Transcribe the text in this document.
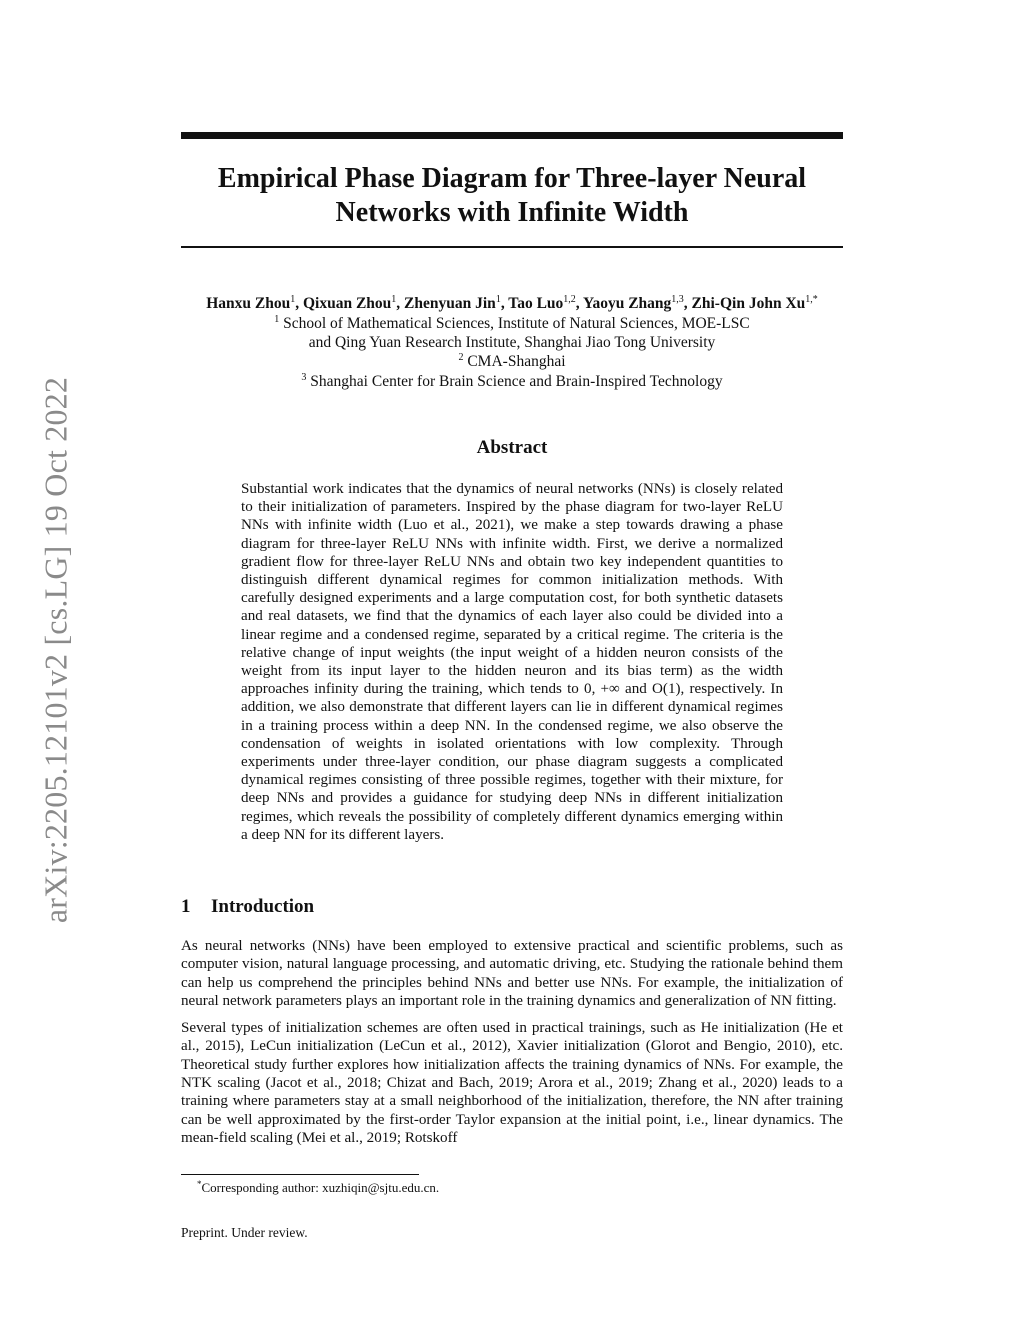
arXiv:2205.12101v2 [cs.LG] 19 Oct 2022
Empirical Phase Diagram for Three-layer Neural Networks with Infinite Width
Hanxu Zhou$^1$, Qixuan Zhou$^1$, Zhenyuan Jin$^1$, Tao Luo$^{1,2}$, Yaoyu Zhang$^{1,3}$, Zhi-Qin John $Xu^{1,*}$
$^1$ School of Mathematical Sciences, Institute of Natural Sciences, MOE-LSC
and Qing Yuan Research Institute, Shanghai Jiao Tong University
$^2$ CMA-Shanghai
$^3$ Shanghai Center for Brain Science and Brain-Inspired Technology
Abstract
Substantial work indicates that the dynamics of neural networks (NNs) is closely related to their initialization of parameters. Inspired by the phase diagram for two-layer ReLU NNs with infinite width (Luo et al., 2021), we make a step towards drawing a phase diagram for three-layer ReLU NNs with infinite width. First, we derive a normalized gradient flow for three-layer ReLU NNs and obtain two key independent quantities to distinguish different dynamical regimes for common initialization methods. With carefully designed experiments and a large computation cost, for both synthetic datasets and real datasets, we find that the dynamics of each layer also could be divided into a linear regime and a condensed regime, separated by a critical regime. The criteria is the relative change of input weights (the input weight of a hidden neuron consists of the weight from its input layer to the hidden neuron and its bias term) as the width approaches infinity during the training, which tends to 0, +∞ and O(1), respectively. In addition, we also demonstrate that different layers can lie in different dynamical regimes in a training process within a deep NN. In the condensed regime, we also observe the condensation of weights in isolated orientations with low complexity. Through experiments under three-layer condition, our phase diagram suggests a complicated dynamical regimes consisting of three possible regimes, together with their mixture, for deep NNs and provides a guidance for studying deep NNs in different initialization regimes, which reveals the possibility of completely different dynamics emerging within a deep NN for its different layers.
1 Introduction

As neural networks (NNs) have been employed to extensive practical and scientific problems, such as computer vision, natural language processing, and automatic driving, etc. Studying the rationale behind them can help us comprehend the principles behind NNs and better use NNs. For example, the initialization of neural network parameters plays an important role in the training dynamics and generalization of NN fitting.

Several types of initialization schemes are often used in practical trainings, such as He initialization (He et al., 2015), LeCun initialization (LeCun et al., 2012), Xavier initialization (Glorot and Bengio, 2010), etc. Theoretical study further explores how initialization affects the training dynamics of NNs. For example, the NTK scaling (Jacot et al., 2018; Chizat and Bach, 2019; Arora et al., 2019; Zhang et al., 2020) leads to a training where parameters stay at a small neighborhood of the initialization, therefore, the NN after training can be well approximated by the first-order Taylor expansion at the initial point, i.e., linear dynamics. The mean-field scaling (Mei et al., 2019; Rotskoff

*Corresponding author: xuzhiqin@sjtu.edu.cn.
Preprint. Under review.
